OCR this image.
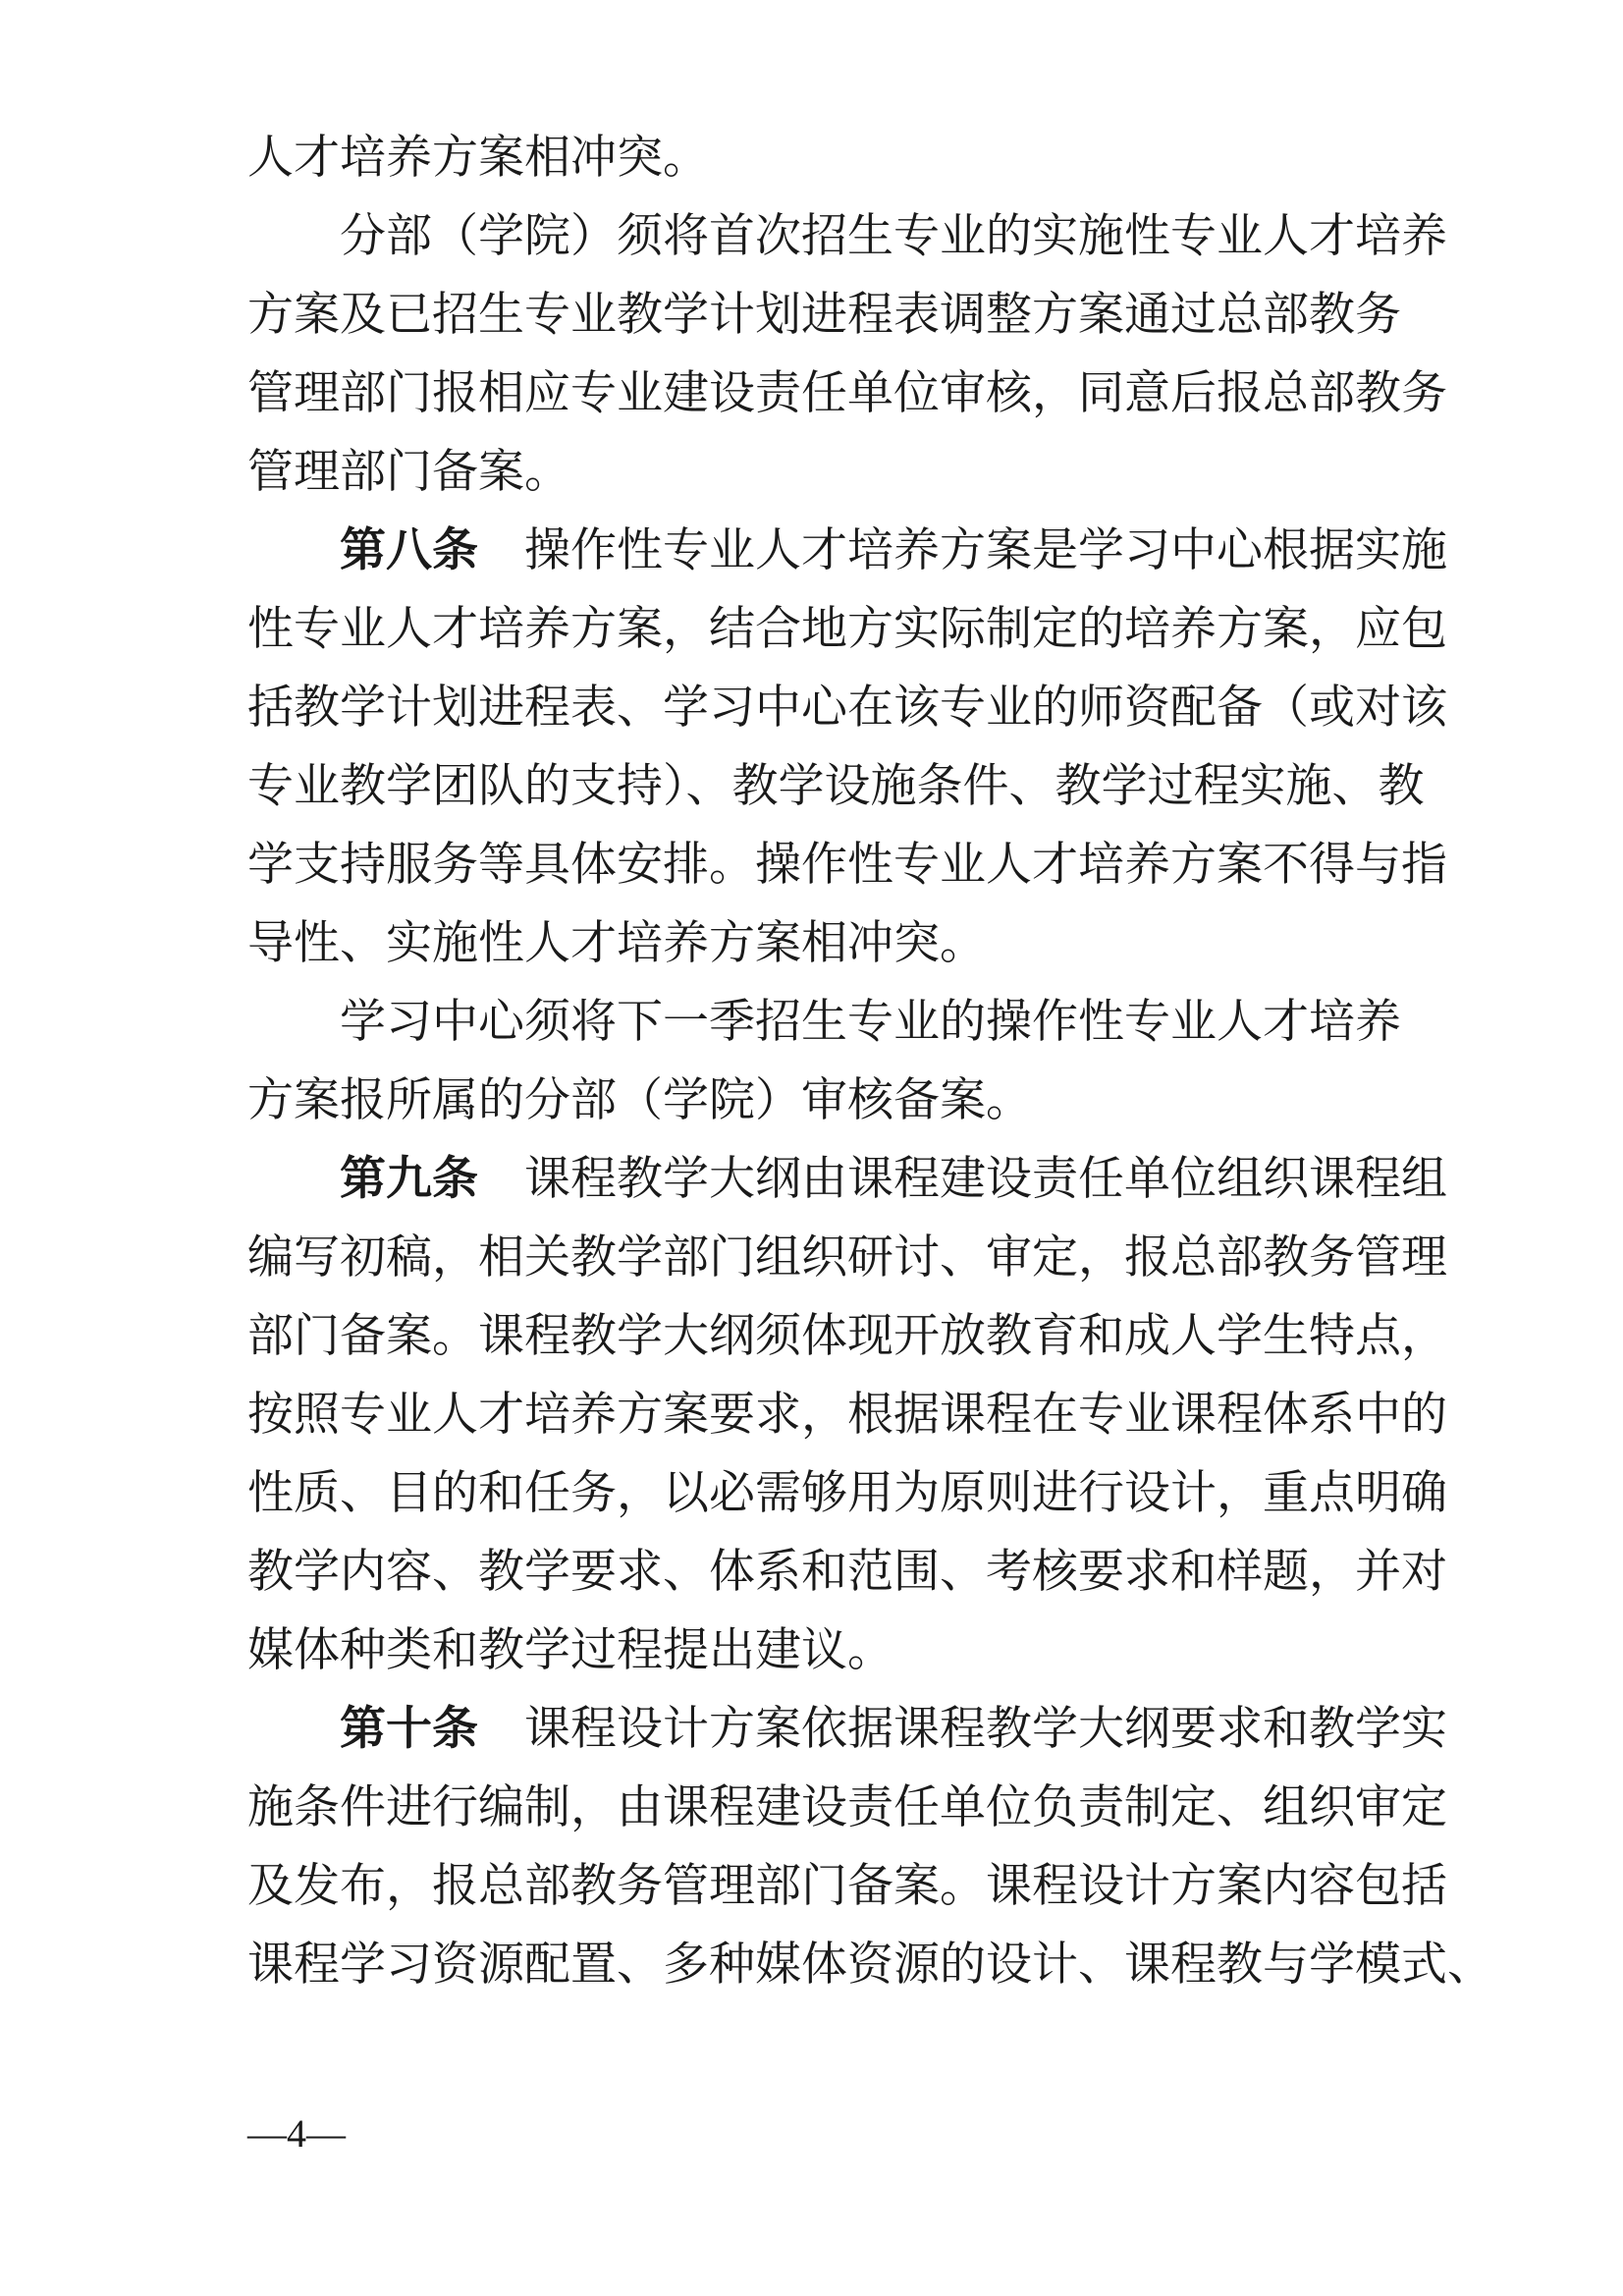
人才培养方案相冲突。
分部（学院）须将首次招生专业的实施性专业人才培养
方案及已招生专业教学计划进程表调整方案通过总部教务
管理部门报相应专业建设责任单位审核，同意后报总部教务
管理部门备案。
第八条  操作性专业人才培养方案是学习中心根据实施
性专业人才培养方案，结合地方实际制定的培养方案，应包
括教学计划进程表、学习中心在该专业的师资配备（或对该
专业教学团队的支持）、教学设施条件、教学过程实施、教
学支持服务等具体安排。操作性专业人才培养方案不得与指
导性、实施性人才培养方案相冲突。
学习中心须将下一季招生专业的操作性专业人才培养
方案报所属的分部（学院）审核备案。
第九条  课程教学大纲由课程建设责任单位组织课程组
编写初稿，相关教学部门组织研讨、审定，报总部教务管理
部门备案。课程教学大纲须体现开放教育和成人学生特点，
按照专业人才培养方案要求，根据课程在专业课程体系中的
性质、目的和任务，以必需够用为原则进行设计，重点明确
教学内容、教学要求、体系和范围、考核要求和样题，并对
媒体种类和教学过程提出建议。
第十条  课程设计方案依据课程教学大纲要求和教学实
施条件进行编制，由课程建设责任单位负责制定、组织审定
及发布，报总部教务管理部门备案。课程设计方案内容包括
课程学习资源配置、多种媒体资源的设计、课程教与学模式、
—4—
